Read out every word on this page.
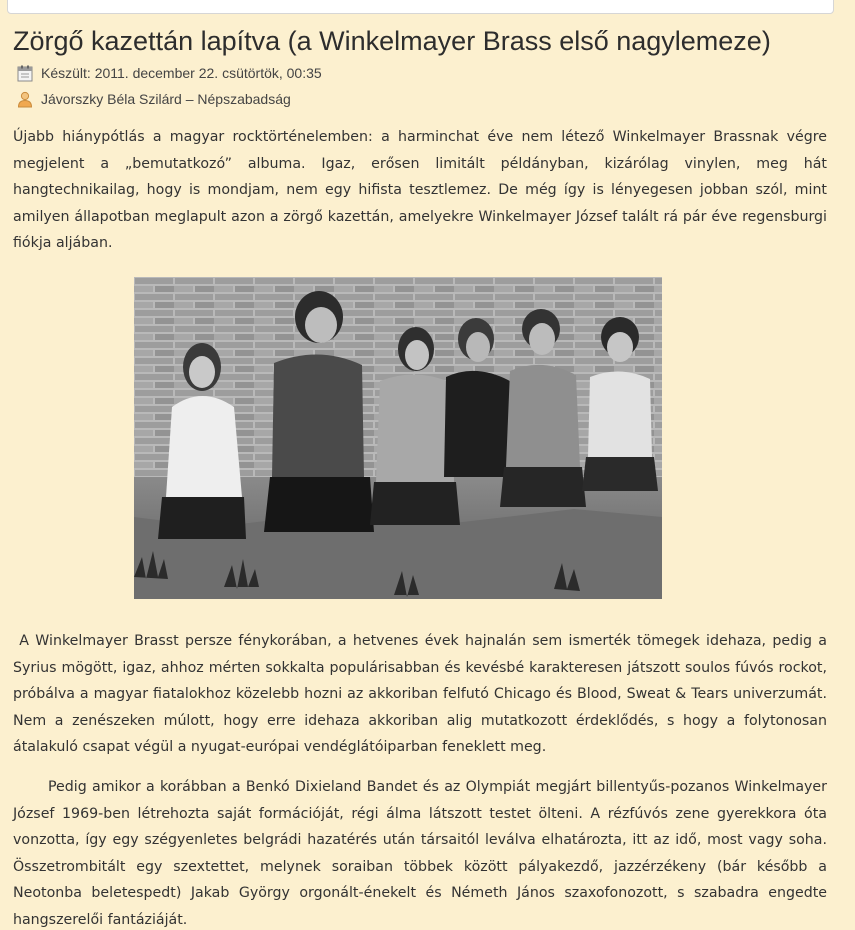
Zörgő kazettán lapítva (a Winkelmayer Brass első nagylemeze)
Készült: 2011. december 22. csütörtök, 00:35
Jávorszky Béla Szilárd – Népszabadság

Újabb hiánypótlás a magyar rocktörténelemben: a harminchat éve nem létező Winkelmayer Brassnak végre megjelent a „bemutatkozó” albuma. Igaz, erősen limitált példányban, kizárólag vinylen, meg hát hangtechnikailag, hogy is mondjam, nem egy hifista tesztlemez. De még így is lényegesen jobban szól, mint amilyen állapotban meglapult azon a zörgő kazettán, amelyekre Winkelmayer József talált rá pár éve regensburgi fiókja aljában.

A Winkelmayer Brasst persze fénykorában, a hetvenes évek hajnalán sem ismerték tömegek idehaza, pedig a Syrius mögött, igaz, ahhoz mérten sokkalta populárisabban és kevésbé karakteresen játszott soulos fúvós rockot, próbálva a magyar fiatalokhoz közelebb hozni az akkoriban felfutó Chicago és Blood, Sweat & Tears univerzumát. Nem a zenészeken múlott, hogy erre idehaza akkoriban alig mutatkozott érdeklődés, s hogy a folytonosan átalakuló csapat végül a nyugat-európai vendéglátóiparban feneklett meg.

Pedig amikor a korábban a Benkó Dixieland Bandet és az Olympiát megjárt billentyűs-pozanos Winkelmayer József 1969-ben létrehozta saját formációját, régi álma látszott testet ölteni. A rézfúvós zene gyerekkora óta vonzotta, így egy szégyenletes belgrádi hazatérés után társaitól leválva elhatározta, itt az idő, most vagy soha. Összetrombitált egy szextettet, melynek soraiban többek között pályakezdő, jazzérzékeny (bár később a Neotonba beletespedt) Jakab György orgonált-énekelt és Németh János szaxofonozott, s szabadra engedte hangszerelői fantáziáját.
